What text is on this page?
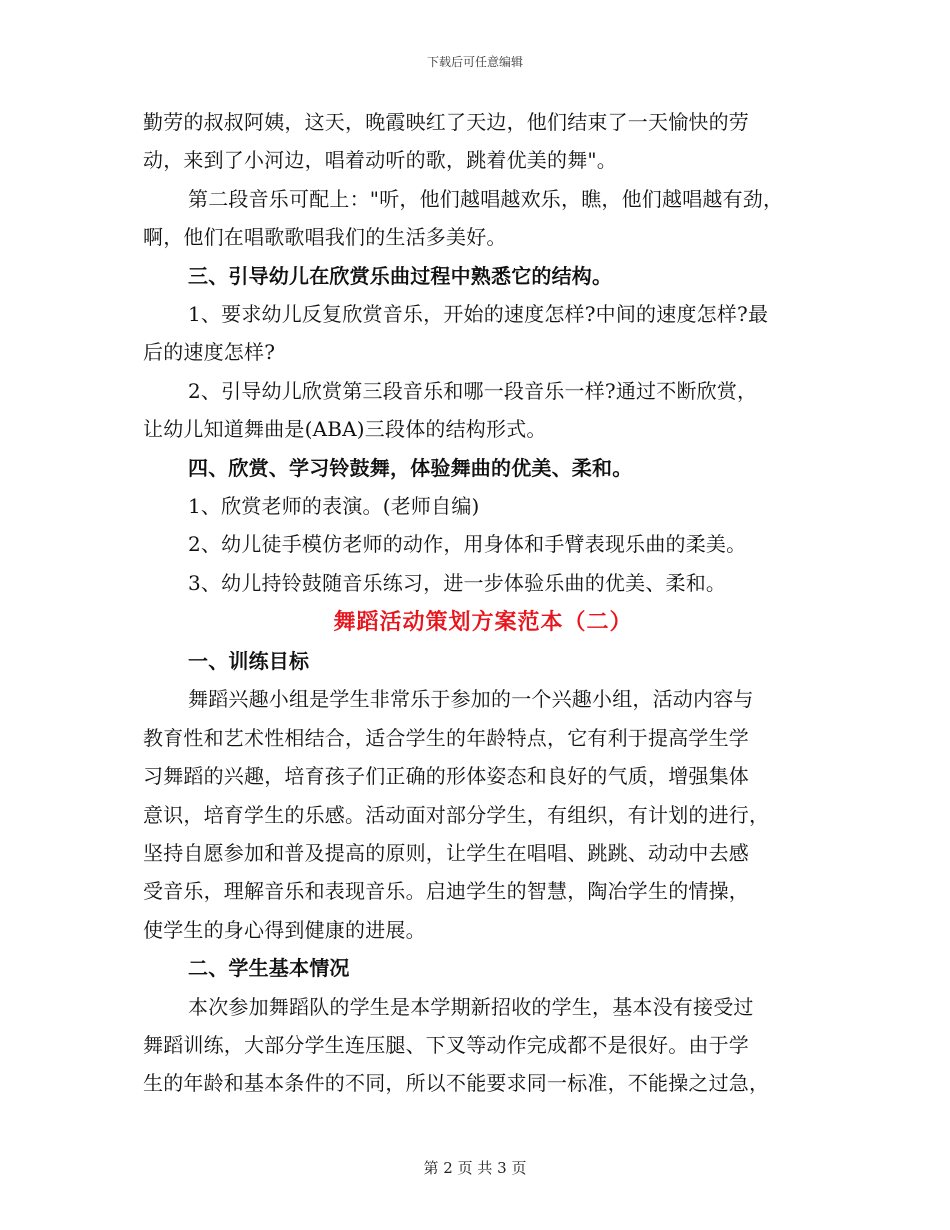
下载后可任意编辑
勤劳的叔叔阿姨，这天，晚霞映红了天边，他们结束了一天愉快的劳
动，来到了小河边，唱着动听的歌，跳着优美的舞"。
第二段音乐可配上："听，他们越唱越欢乐，瞧，他们越唱越有劲，
啊，他们在唱歌歌唱我们的生活多美好。
三、引导幼儿在欣赏乐曲过程中熟悉它的结构。
1、要求幼儿反复欣赏音乐，开始的速度怎样?中间的速度怎样?最
后的速度怎样?
2、引导幼儿欣赏第三段音乐和哪一段音乐一样?通过不断欣赏，
让幼儿知道舞曲是(ABA)三段体的结构形式。
四、欣赏、学习铃鼓舞，体验舞曲的优美、柔和。
1、欣赏老师的表演。(老师自编)
2、幼儿徒手模仿老师的动作，用身体和手臂表现乐曲的柔美。
3、幼儿持铃鼓随音乐练习，进一步体验乐曲的优美、柔和。
舞蹈活动策划方案范本（二）
一、训练目标
舞蹈兴趣小组是学生非常乐于参加的一个兴趣小组，活动内容与
教育性和艺术性相结合，适合学生的年龄特点，它有利于提高学生学
习舞蹈的兴趣，培育孩子们正确的形体姿态和良好的气质，增强集体
意识，培育学生的乐感。活动面对部分学生，有组织，有计划的进行，
坚持自愿参加和普及提高的原则，让学生在唱唱、跳跳、动动中去感
受音乐，理解音乐和表现音乐。启迪学生的智慧，陶冶学生的情操，
使学生的身心得到健康的进展。
二、学生基本情况
本次参加舞蹈队的学生是本学期新招收的学生，基本没有接受过
舞蹈训练，大部分学生连压腿、下叉等动作完成都不是很好。由于学
生的年龄和基本条件的不同，所以不能要求同一标准，不能操之过急，
第 2 页 共 3 页
